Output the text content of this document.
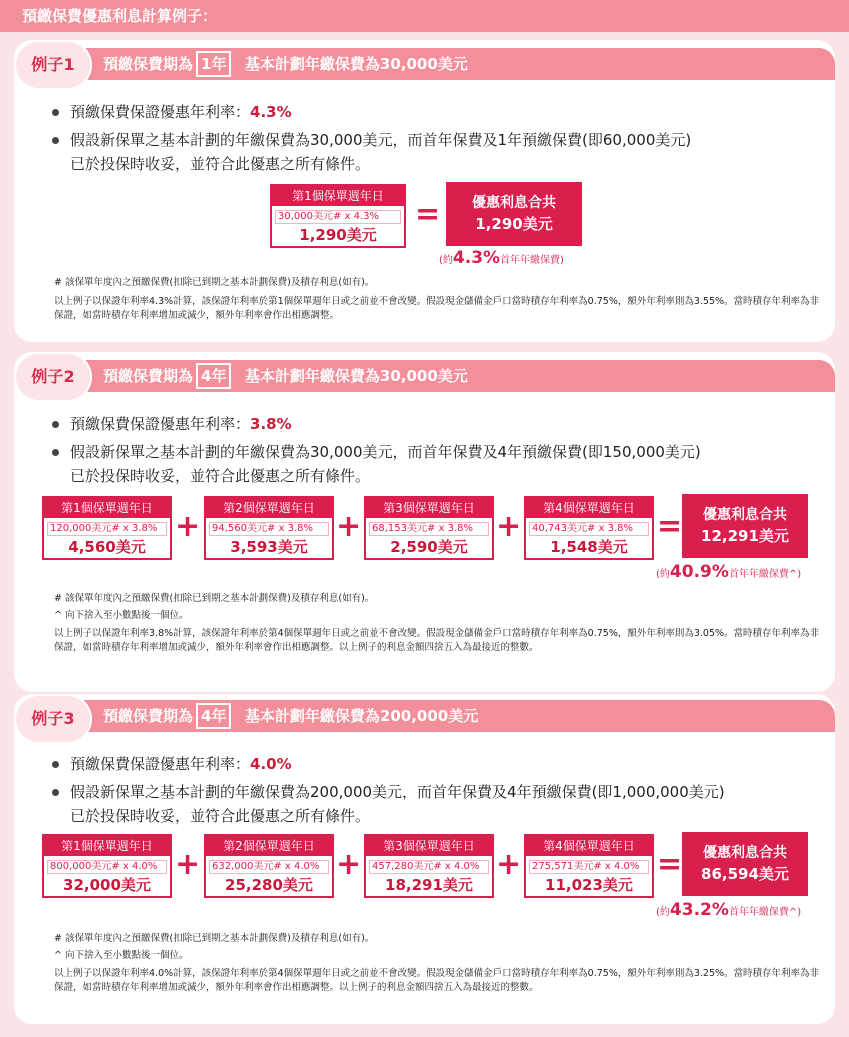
預繳保費優惠利息計算例子：
預繳保費期為 1年 基本計劃年繳保費為30,000美元
例子1
預繳保費保證優惠年利率：4.3%
假設新保單之基本計劃的年繳保費為30,000美元，而首年保費及1年預繳保費(即60,000美元)
已於投保時收妥，並符合此優惠之所有條件。
第1個保單週年日
30,000美元# x 4.3%
1,290美元
=	優惠利息合共
1,290美元
(約4.3%首年年繳保費)
# 該保單年度內之預繳保費(扣除已到期之基本計劃保費)及積存利息(如有)。
以上例子以保證年利率4.3%計算，該保證年利率於第1個保單週年日或之前並不會改變。假設現金儲備金戶口當時積存年利率為0.75%，額外年利率則為3.55%。當時積存年利率為非保證，如當時積存年利率增加或減少，額外年利率會作出相應調整。
預繳保費期為 4年 基本計劃年繳保費為30,000美元
例子2
預繳保費保證優惠年利率：3.8%
假設新保單之基本計劃的年繳保費為30,000美元，而首年保費及4年預繳保費(即150,000美元)
已於投保時收妥，並符合此優惠之所有條件。
第1個保單週年日
120,000美元# x 3.8%
4,560美元
+
第2個保單週年日
94,560美元# x 3.8%
3,593美元
+
第3個保單週年日
68,153美元# x 3.8%
2,590美元
+
第4個保單週年日
40,743美元# x 3.8%
1,548美元
=	優惠利息合共
12,291美元
(約40.9%首年年繳保費^)
# 該保單年度內之預繳保費(扣除已到期之基本計劃保費)及積存利息(如有)。
^ 向下捨入至小數點後一個位。
以上例子以保證年利率3.8%計算，該保證年利率於第4個保單週年日或之前並不會改變。假設現金儲備金戶口當時積存年利率為0.75%，額外年利率則為3.05%。當時積存年利率為非保證，如當時積存年利率增加或減少，額外年利率會作出相應調整。以上例子的利息金額四捨五入為最接近的整數。
預繳保費期為 4年 基本計劃年繳保費為200,000美元
例子3
預繳保費保證優惠年利率：4.0%
假設新保單之基本計劃的年繳保費為200,000美元，而首年保費及4年預繳保費(即1,000,000美元)
已於投保時收妥，並符合此優惠之所有條件。
第1個保單週年日
800,000美元# x 4.0%
32,000美元
+
第2個保單週年日
632,000美元# x 4.0%
25,280美元
+
第3個保單週年日
457,280美元# x 4.0%
18,291美元
+
第4個保單週年日
275,571美元# x 4.0%
11,023美元
=	優惠利息合共
86,594美元
(約43.2%首年年繳保費^)
# 該保單年度內之預繳保費(扣除已到期之基本計劃保費)及積存利息(如有)。
^ 向下捨入至小數點後一個位。
以上例子以保證年利率4.0%計算，該保證年利率於第4個保單週年日或之前並不會改變。假設現金儲備金戶口當時積存年利率為0.75%，額外年利率則為3.25%。當時積存年利率為非保證，如當時積存年利率增加或減少，額外年利率會作出相應調整。以上例子的利息金額四捨五入為最接近的整數。
